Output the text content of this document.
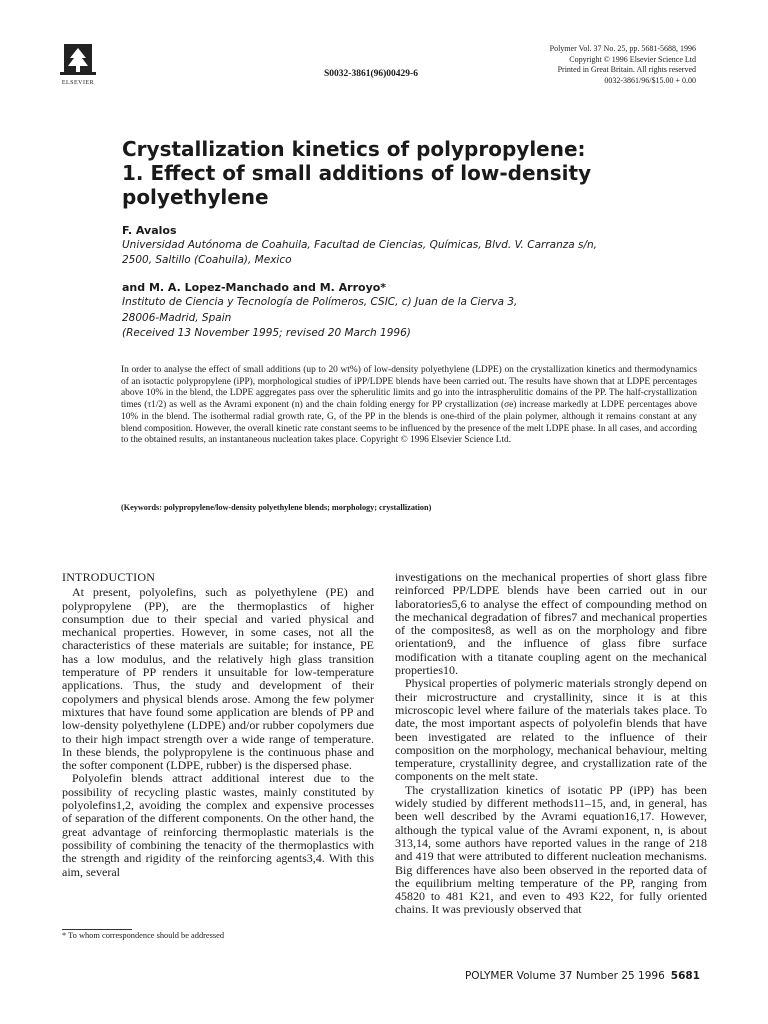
ELSEVIER
S0032-3861(96)00429-6
Polymer Vol. 37 No. 25, pp. 5681-5688, 1996
Copyright © 1996 Elsevier Science Ltd
Printed in Great Britain. All rights reserved
0032-3861/96/$15.00 + 0.00
Crystallization kinetics of polypropylene:
1. Effect of small additions of low-density
polyethylene
F. Avalos
Universidad Autónoma de Coahuila, Facultad de Ciencias, Químicas, Blvd. V. Carranza s/n,
2500, Saltillo (Coahuila), Mexico
and M. A. Lopez-Manchado and M. Arroyo*
Instituto de Ciencia y Tecnología de Polímeros, CSIC, c) Juan de la Cierva 3,
28006-Madrid, Spain
(Received 13 November 1995; revised 20 March 1996)
In order to analyse the effect of small additions (up to 20 wt%) of low-density polyethylene (LDPE) on the crystallization kinetics and thermodynamics of an isotactic polypropylene (iPP), morphological studies of iPP/LDPE blends have been carried out. The results have shown that at LDPE percentages above 10% in the blend, the LDPE aggregates pass over the spherulitic limits and go into the intraspherulitic domains of the PP. The half-crystallization times (τ1/2) as well as the Avrami exponent (n) and the chain folding energy for PP crystallization (σe) increase markedly at LDPE percentages above 10% in the blend. The isothermal radial growth rate, G, of the PP in the blends is one-third of the plain polymer, although it remains constant at any blend composition. However, the overall kinetic rate constant seems to be influenced by the presence of the melt LDPE phase. In all cases, and according to the obtained results, an instantaneous nucleation takes place. Copyright © 1996 Elsevier Science Ltd.
(Keywords: polypropylene/low-density polyethylene blends; morphology; crystallization)
INTRODUCTION

At present, polyolefins, such as polyethylene (PE) and polypropylene (PP), are the thermoplastics of higher consumption due to their special and varied physical and mechanical properties. However, in some cases, not all the characteristics of these materials are suitable; for instance, PE has a low modulus, and the relatively high glass transition temperature of PP renders it unsuitable for low-temperature applications. Thus, the study and development of their copolymers and physical blends arose. Among the few polymer mixtures that have found some application are blends of PP and low-density polyethylene (LDPE) and/or rubber copolymers due to their high impact strength over a wide range of temperature. In these blends, the polypropylene is the continuous phase and the softer component (LDPE, rubber) is the dispersed phase.

Polyolefin blends attract additional interest due to the possibility of recycling plastic wastes, mainly constituted by polyolefins1,2, avoiding the complex and expensive processes of separation of the different components. On the other hand, the great advantage of reinforcing thermoplastic materials is the possibility of combining the tenacity of the thermoplastics with the strength and rigidity of the reinforcing agents3,4. With this aim, several

investigations on the mechanical properties of short glass fibre reinforced PP/LDPE blends have been carried out in our laboratories5,6 to analyse the effect of compounding method on the mechanical degradation of fibres7 and mechanical properties of the composites8, as well as on the morphology and fibre orientation9, and the influence of glass fibre surface modification with a titanate coupling agent on the mechanical properties10.

Physical properties of polymeric materials strongly depend on their microstructure and crystallinity, since it is at this microscopic level where failure of the materials takes place. To date, the most important aspects of polyolefin blends that have been investigated are related to the influence of their composition on the morphology, mechanical behaviour, melting temperature, crystallinity degree, and crystallization rate of the components on the melt state.

The crystallization kinetics of isotatic PP (iPP) has been widely studied by different methods11–15, and, in general, has been well described by the Avrami equation16,17. However, although the typical value of the Avrami exponent, n, is about 313,14, some authors have reported values in the range of 218 and 419 that were attributed to different nucleation mechanisms. Big differences have also been observed in the reported data of the equilibrium melting temperature of the PP, ranging from 45820 to 481 K21, and even to 493 K22, for fully oriented chains. It was previously observed that

* To whom correspondence should be addressed
POLYMER Volume 37 Number 25 1996 5681
